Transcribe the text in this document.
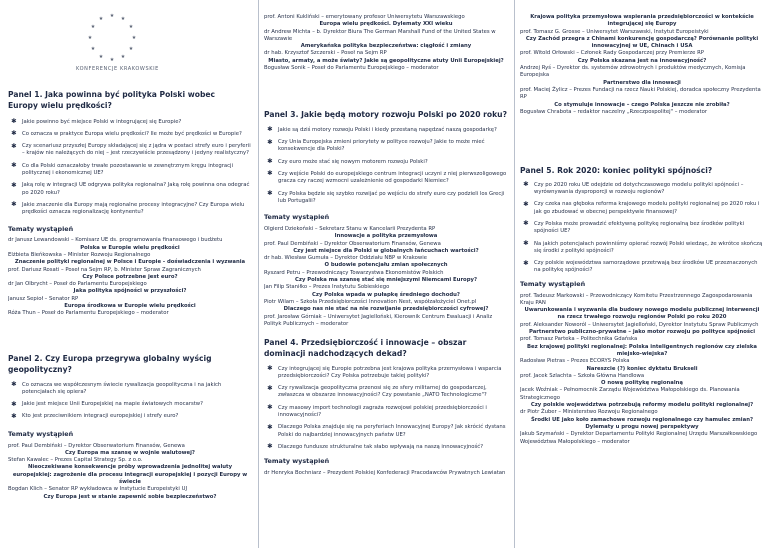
★ ★
★
★
★
★
★
★
★
★
★
★
KONFERENCJE KRAKOWSKIE
Panel 1. Jaka powinna być polityka Polski wobec Europy wielu prędkości?
✱ Jakie powinno być miejsce Polski w integrującej się Europie?
✱ Co oznacza w praktyce Europa wielu prędkości? Ile może być prędkości w Europie?
✱ Czy scenariusz przyszłej Europy składającej się z jądra w postaci strefy euro i peryferii – krajów nie należących do niej – jest rzeczywiście przesądzony i jedyny realistyczny?
✱ Co dla Polski oznaczałoby trwałe pozostawanie w zewnętrznym kręgu integracji politycznej i ekonomicznej UE?
✱ Jaką rolę w integracji UE odgrywa polityka regionalna? Jaką rolę powinna ona odegrać po 2020 roku?
✱ Jakie znaczenie dla Europy mają regionalne procesy integracyjne? Czy Europa wielu prędkości oznacza regionalizację kontynentu?
Tematy wystąpień

dr Janusz Lewandowski – Komisarz UE ds. programowania finansowego i budżetu

Polska w Europie wielu prędkości

Elżbieta Bieńkowska – Minister Rozwoju Regionalnego

Znaczenie polityki regionalnej w Polsce i Europie - doświadczenia i wyzwania

prof. Dariusz Rosati – Poseł na Sejm RP, b. Minister Spraw Zagranicznych

Czy Polsce potrzebne jest euro?

dr Jan Olbrycht – Poseł do Parlamentu Europejskiego

Jaka polityka spójności w przyszłości?

Janusz Sepioł – Senator RP

Europa środkowa w Europie wielu prędkości

Róża Thun – Poseł do Parlamentu Europejskiego – moderator

Panel 2. Czy Europa przegrywa globalny wyścig geopolityczny?
✱ Co oznacza we współczesnym świecie rywalizacja geopolityczna i na jakich potencjałach się opiera?
✱ Jakie jest miejsce Unii Europejskiej na mapie światowych mocarstw?
✱ Kto jest przeciwnikiem integracji europejskiej i strefy euro?
Tematy wystąpień

prof. Paul Dembiński – Dyrektor Obserwatorium Finansów, Genewa

Czy Europa ma szansę w wojnie walutowej?

Stefan Kawalec – Prezes Capital Strategy Sp. z o.o.

Nieoczekiwane konsekwencje próby wprowadzenia jednolitej waluty europejskiej: zagrożenie dla procesu integracji europejskiej i pozycji Europy w świecie

Bogdan Klich – Senator RP wykładowca w Instytucie Europeistyki UJ

Czy Europa jest w stanie zapewnić sobie bezpieczeństwo?

prof. Antoni Kukliński – emerytowany profesor Uniwersytetu Warszawskiego

Europa wielu prędkości. Dylematy XXI wieku

dr Andrew Michta – b. Dyrektor Biura The German Marshall Fund of the United States w Warszawie

Amerykańska polityka bezpieczeństwa: ciągłość i zmiany

dr hab. Krzysztof Szczerski – Poseł na Sejm RP

Miasto, armaty, a może światy? Jakie są geopolityczne atuty Unii Europejskiej?

Bogusław Sonik – Poseł do Parlamentu Europejskiego – moderator

Panel 3. Jakie będą motory rozwoju Polski po 2020 roku?
✱ Jakie są dziś motory rozwoju Polski i kiedy przestaną napędzać naszą gospodarkę?
✱ Czy Unia Europejska zmieni priorytety w polityce rozwoju? Jakie to może mieć konsekwencje dla Polski?
✱ Czy euro może stać się nowym motorem rozwoju Polski?
✱ Czy wejście Polski do europejskiego centrum integracji uczyni z niej pierwszoligowego gracza czy raczej wzmocni uzależnienie od gospodarki Niemiec?
✱ Czy Polska będzie się szybko rozwijać po wejściu do strefy euro czy podzieli los Grecji lub Portugalii?
Tematy wystąpień

Olgierd Dziekoński – Sekretarz Stanu w Kancelarii Prezydenta RP

Innowacje a polityka przemysłowa

prof. Paul Dembiński – Dyrektor Obserwatorium Finansów, Genewa

Czy jest miejsce dla Polski w globalnych łańcuchach wartości?

dr hab. Wiesław Gumuła – Dyrektor Oddziału NBP w Krakowie

O budowie potencjału zmian społecznych

Ryszard Petru – Przewodniczący Towarzystwa Ekonomistów Polskich

Czy Polska ma szansę stać się mniejszymi Niemcami Europy?

Jan Filip Staniłko – Prezes Instytutu Sobieskiego

Czy Polska wpada w pułapkę średniego dochodu?

Piotr Wilam – Szkoła Przedsiębiorczości Innovation Nest, współzałożyciel Onet.pl

Dlaczego nas nie stać na nie rozwijanie przedsiębiorczości cyfrowej?

prof. Jarosław Górniak – Uniwersytet Jagielloński, Kierownik Centrum Ewaluacji i Analiz Polityk Publicznych – moderator

Panel 4. Przedsiębiorczość i innowacje – obszar dominacji nadchodzących dekad?
✱ Czy integrującej się Europie potrzebna jest krajowa polityka przemysłowa i wsparcia przedsiębiorczości? Czy Polska potrzebuje takiej polityki?
✱ Czy rywalizacja geopolityczna przenosi się ze sfery militarnej do gospodarczej, zwłaszcza w obszarze innowacyjności? Czy powstanie „NATO Technologiczne"?
✱ Czy masowy import technologii zagraża rozwojowi polskiej przedsiębiorczości i innowacyjności?
✱ Dlaczego Polska znajduje się na peryferiach Innowacyjnej Europy? Jak skrócić dystans Polski do najbardziej innowacyjnych państw UE?
✱ Dlaczego fundusze strukturalne tak słabo wpływają na naszą innowacyjność?
Tematy wystąpień

dr Henryka Bochniarz – Prezydent Polskiej Konfederacji Pracodawców Prywatnych Lewiatan

Krajowa polityka przemysłowa wspierania przedsiębiorczości w kontekście integrującej się Europy

prof. Tomasz G. Grosse – Uniwersytet Warszawski, Instytut Europeistyki

Czy Zachód przegra z Chinami konkurencję gospodarczą? Porównanie polityki innowacyjnej w UE, Chinach i USA

prof. Witold Orłowski – Członek Rady Gospodarczej przy Premierze RP

Czy Polska skazana jest na innowacyjność?

Andrzej Ryś – Dyrektor ds. systemów zdrowotnych i produktów medycznych, Komisja Europejska

Partnerstwo dla innowacji

prof. Maciej Żylicz – Prezes Fundacji na rzecz Nauki Polskiej, doradca społeczny Prezydenta RP

Co stymuluje innowacje – czego Polska jeszcze nie zrobiła?

Bogusław Chrabota – redaktor naczelny „Rzeczpospolitej" – moderator

Panel 5. Rok 2020: koniec polityki spójności?
✱ Czy po 2020 roku UE odejdzie od dotychczasowego modelu polityki spójności – wyrównywania dysproporcji w rozwoju regionów?
✱ Czy czeka nas głęboka reforma krajowego modelu polityki regionalnej po 2020 roku i jak go zbudować w obecnej perspektywie finansowej?
✱ Czy Polska może prowadzić efektywną politykę regionalną bez środków polityki spójności UE?
✱ Na jakich potencjałach powinniśmy opierać rozwój Polski wiedząc, że wkrótce skończą się środki z polityki spójności?
✱ Czy polskie województwa samorządowe przetrwają bez środków UE przeznaczonych na politykę spójności?
Tematy wystąpień

prof. Tadeusz Markowski – Przewodniczący Komitetu Przestrzennego Zagospodarowania Kraju PAN

Uwarunkowania i wyzwania dla budowy nowego modelu publicznej interwencji na rzecz trwałego rozwoju regionów Polski po roku 2020

prof. Aleksander Noworól – Uniwersytet Jagielloński, Dyrektor Instytutu Spraw Publicznych

Partnerstwo publiczno-prywatne – jako motor rozwoju po polityce spójności

prof. Tomasz Parteka – Politechnika Gdańska

Bez krajowej polityki regionalnej: Polska inteligentnych regionów czy zielska miejsko-wiejska?

Radosław Pietras – Prezes ECORYS Polska

Nareszcie (?) koniec dyktatu Brukseli

prof. Jacek Szlachta – Szkoła Główna Handlowa

O nową politykę regionalną

Jacek Woźniak – Pełnomocnik Zarządu Województwa Małopolskiego ds. Planowania Strategicznego

Czy polskie województwa potrzebują reformy modelu polityki regionalnej?

dr Piotr Żuber – Ministerstwo Rozwoju Regionalnego

Środki UE jako koło zamachowe rozwoju regionalnego czy hamulec zmian? Dylematy u progu nowej perspektywy

Jakub Szymański – Dyrektor Departamentu Polityki Regionalnej Urzędu Marszałkowskiego Województwa Małopolskiego – moderator
